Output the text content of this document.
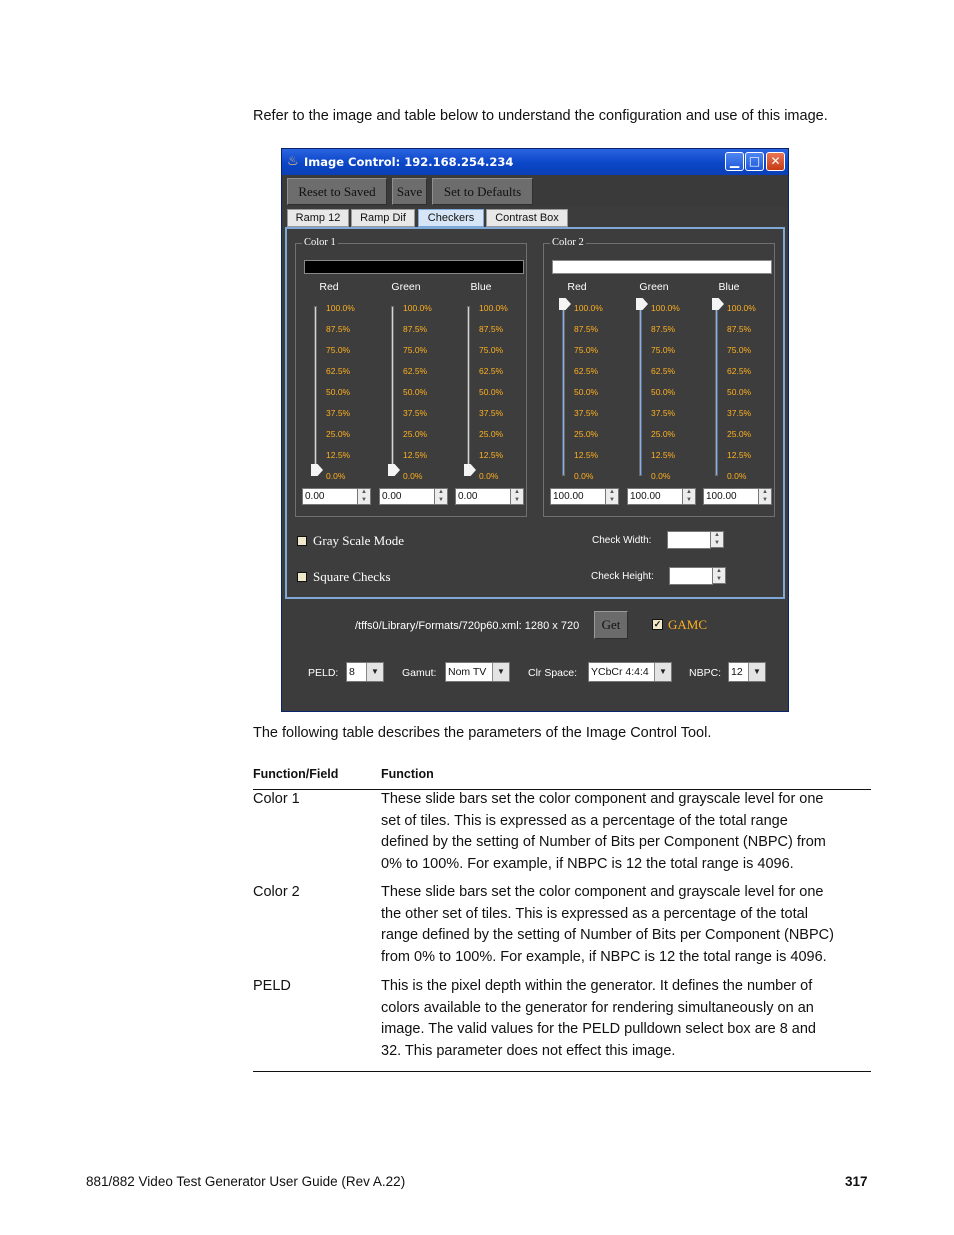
Refer to the image and table below to understand the configuration and use of this image.
♨ Image Control: 192.168.254.234	▁ □ ✕
Reset to Saved	Save	Set to Defaults
Ramp 12	Ramp Dif	Checkers	Contrast Box
Color 1
Red
100.0%
87.5%
75.0%
62.5%
50.0%
37.5%
25.0%
12.5%
0.0%
0.00	▲
▼
Green
100.0%
87.5%
75.0%
62.5%
50.0%
37.5%
25.0%
12.5%
0.0%
0.00	▲
▼
Blue
100.0%
87.5%
75.0%
62.5%
50.0%
37.5%
25.0%
12.5%
0.0%
0.00	▲
▼
Color 2
Red
100.0%
87.5%
75.0%
62.5%
50.0%
37.5%
25.0%
12.5%
0.0%
100.00	▲
▼
Green
100.0%
87.5%
75.0%
62.5%
50.0%
37.5%
25.0%
12.5%
0.0%
100.00	▲
▼
Blue
100.0%
87.5%
75.0%
62.5%
50.0%
37.5%
25.0%
12.5%
0.0%
100.00	▲
▼
Gray Scale Mode
Square Checks
Check Width:	▲
▼
Check Height:	▲
▼
/tffs0/Library/Formats/720p60.xml: 1280 x 720	Get	✓ GAMC
PELD: 8	▼	Gamut: Nom TV	▼	Clr Space: YCbCr 4:4:4	▼	NBPC: 12	▼
The following table describes the parameters of the Image Control Tool.
Function/Field	Function
Color 1	These slide bars set the color component and grayscale level for one
set of tiles. This is expressed as a percentage of the total range
defined by the setting of Number of Bits per Component (NBPC) from
0% to 100%. For example, if NBPC is 12 the total range is 4096.
Color 2	These slide bars set the color component and grayscale level for one
the other set of tiles. This is expressed as a percentage of the total
range defined by the setting of Number of Bits per Component (NBPC)
from 0% to 100%. For example, if NBPC is 12 the total range is 4096.
PELD	This is the pixel depth within the generator. It defines the number of
colors available to the generator for rendering simultaneously on an
image. The valid values for the PELD pulldown select box are 8 and
32. This parameter does not effect this image.
881/882 Video Test Generator User Guide (Rev A.22)	317
